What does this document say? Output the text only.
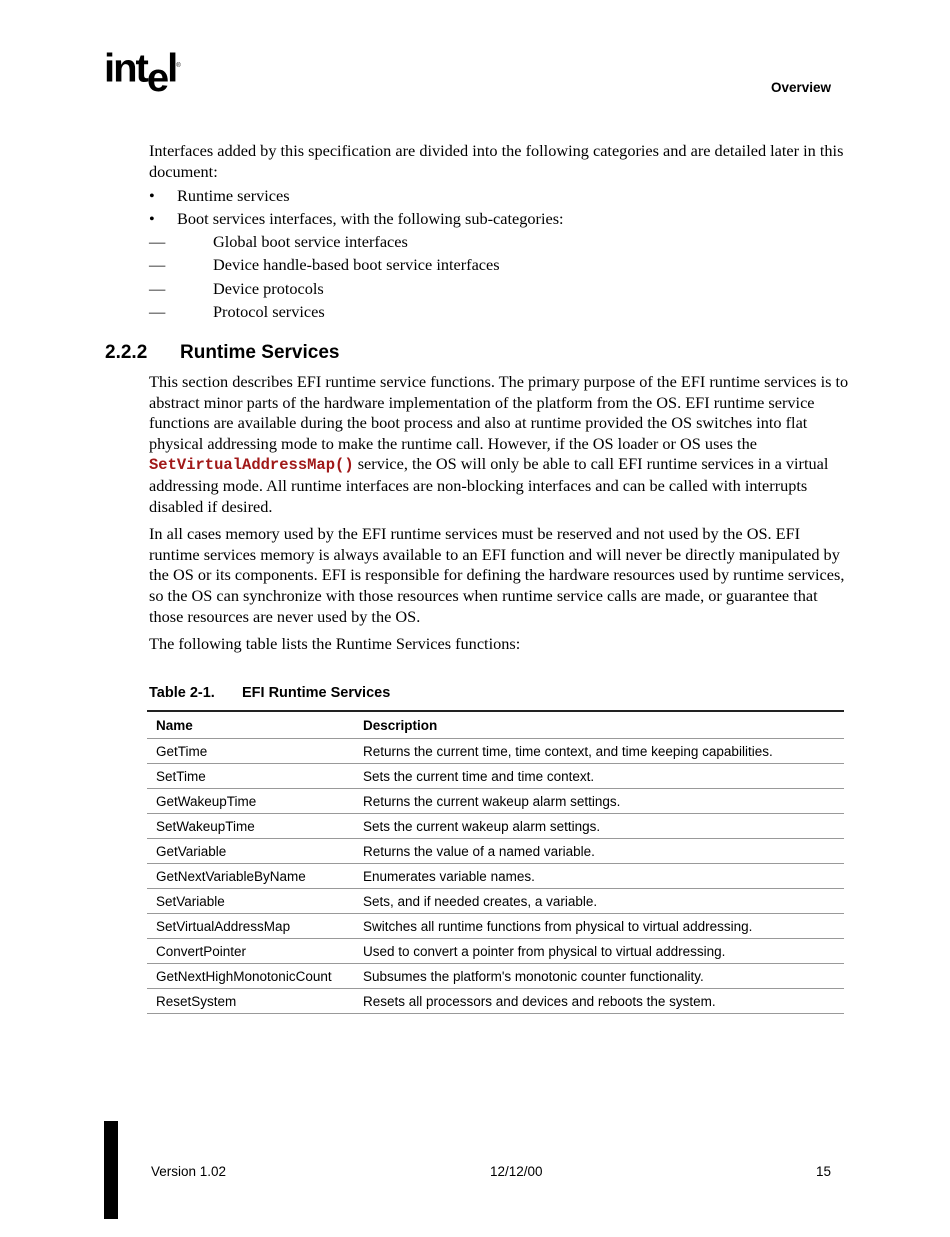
intel®
Overview

Interfaces added by this specification are divided into the following categories and are detailed later in this document:

• Runtime services
• Boot services interfaces, with the following sub-categories:
—	Global boot service interfaces
—	Device handle-based boot service interfaces
—	Device protocols
—	Protocol services
2.2.2 Runtime Services

This section describes EFI runtime service functions. The primary purpose of the EFI runtime services is to abstract minor parts of the hardware implementation of the platform from the OS. EFI runtime service functions are available during the boot process and also at runtime provided the OS switches into flat physical addressing mode to make the runtime call. However, if the OS loader or OS uses the SetVirtualAddressMap() service, the OS will only be able to call EFI runtime services in a virtual addressing mode. All runtime interfaces are non-blocking interfaces and can be called with interrupts disabled if desired.

In all cases memory used by the EFI runtime services must be reserved and not used by the OS. EFI runtime services memory is always available to an EFI function and will never be directly manipulated by the OS or its components. EFI is responsible for defining the hardware resources used by runtime services, so the OS can synchronize with those resources when runtime service calls are made, or guarantee that those resources are never used by the OS.

The following table lists the Runtime Services functions:

Table 2-1. EFI Runtime Services
Name	Description
GetTime	Returns the current time, time context, and time keeping capabilities.
SetTime	Sets the current time and time context.
GetWakeupTime	Returns the current wakeup alarm settings.
SetWakeupTime	Sets the current wakeup alarm settings.
GetVariable	Returns the value of a named variable.
GetNextVariableByName	Enumerates variable names.
SetVariable	Sets, and if needed creates, a variable.
SetVirtualAddressMap	Switches all runtime functions from physical to virtual addressing.
ConvertPointer	Used to convert a pointer from physical to virtual addressing.
GetNextHighMonotonicCount	Subsumes the platform's monotonic counter functionality.
ResetSystem	Resets all processors and devices and reboots the system.
Version 1.02	12/12/00	15
